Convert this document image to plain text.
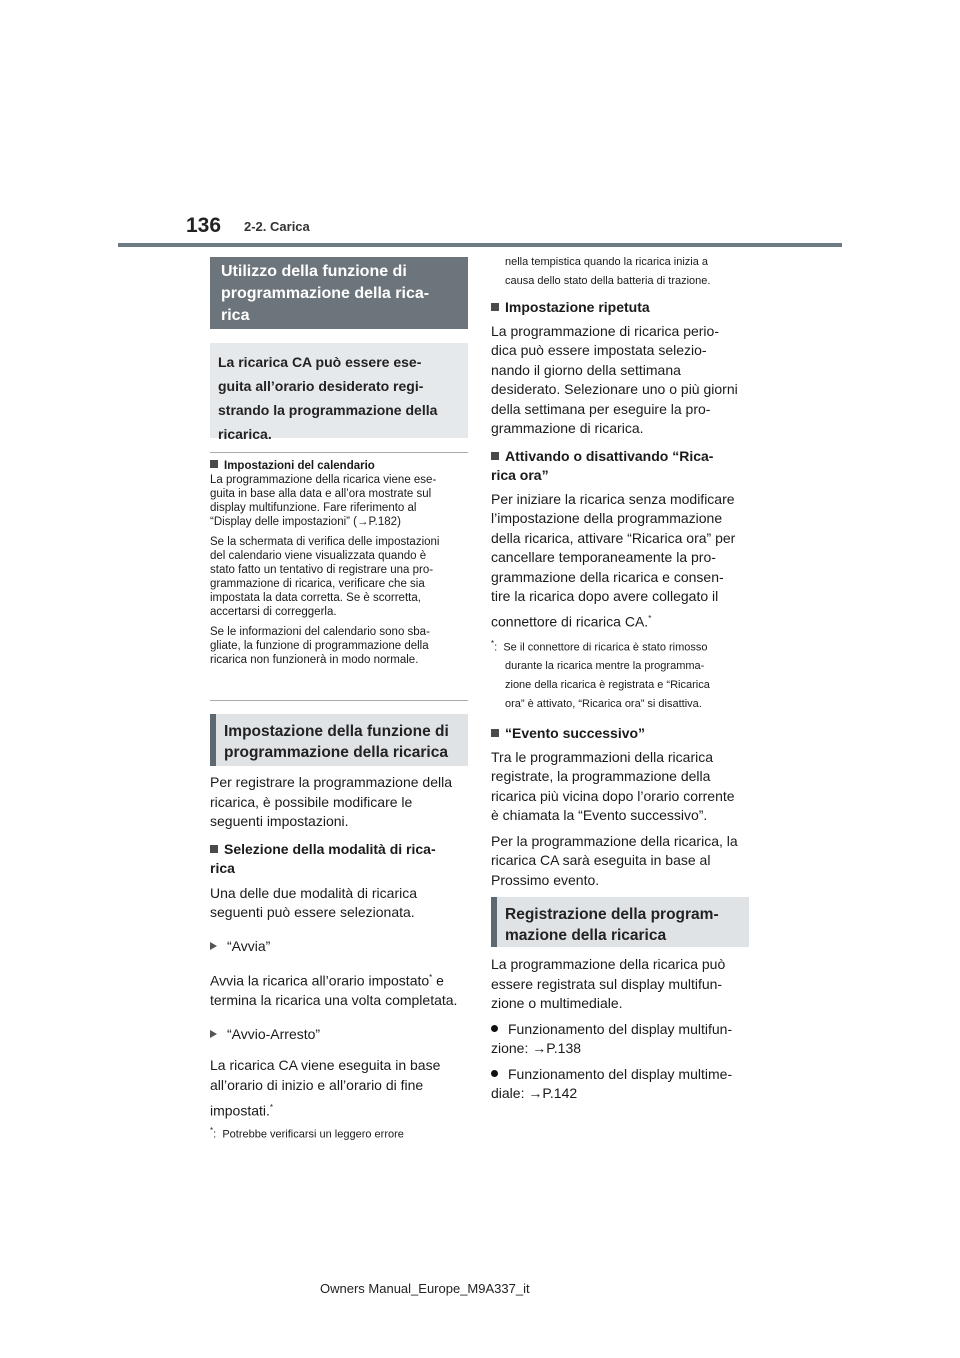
136 2-2. Carica
Utilizzo della funzione di
programmazione della rica-
rica
La ricarica CA può essere ese-
guita all’orario desiderato regi-
strando la programmazione della
ricarica.
Impostazioni del calendario
La programmazione della ricarica viene ese-
guita in base alla data e all’ora mostrate sul
display multifunzione. Fare riferimento al
“Display delle impostazioni” (→P.182)
Se la schermata di verifica delle impostazioni
del calendario viene visualizzata quando è
stato fatto un tentativo di registrare una pro-
grammazione di ricarica, verificare che sia
impostata la data corretta. Se è scorretta,
accertarsi di correggerla.
Se le informazioni del calendario sono sba-
gliate, la funzione di programmazione della
ricarica non funzionerà in modo normale.
Impostazione della funzione di
programmazione della ricarica
Per registrare la programmazione della
ricarica, è possibile modificare le
seguenti impostazioni.
Selezione della modalità di rica-
rica
Una delle due modalità di ricarica
seguenti può essere selezionata.
“Avvia”
Avvia la ricarica all’orario impostato* e
termina la ricarica una volta completata.
“Avvio-Arresto”
La ricarica CA viene eseguita in base
all’orario di inizio e all’orario di fine
impostati.*
*: Potrebbe verificarsi un leggero errore
nella tempistica quando la ricarica inizia a
causa dello stato della batteria di trazione.
Impostazione ripetuta
La programmazione di ricarica perio-
dica può essere impostata selezio-
nando il giorno della settimana
desiderato. Selezionare uno o più giorni
della settimana per eseguire la pro-
grammazione di ricarica.
Attivando o disattivando “Rica-
rica ora”
Per iniziare la ricarica senza modificare
l’impostazione della programmazione
della ricarica, attivare “Ricarica ora” per
cancellare temporaneamente la pro-
grammazione della ricarica e consen-
tire la ricarica dopo avere collegato il
connettore di ricarica CA.*
*: Se il connettore di ricarica è stato rimosso
durante la ricarica mentre la programma-
zione della ricarica è registrata e “Ricarica
ora” è attivato, “Ricarica ora” si disattiva.
“Evento successivo”
Tra le programmazioni della ricarica
registrate, la programmazione della
ricarica più vicina dopo l’orario corrente
è chiamata la “Evento successivo”.
Per la programmazione della ricarica, la
ricarica CA sarà eseguita in base al
Prossimo evento.
Registrazione della program-
mazione della ricarica
La programmazione della ricarica può
essere registrata sul display multifun-
zione o multimediale.
Funzionamento del display multifun-
zione: →P.138
Funzionamento del display multime-
diale: →P.142
Owners Manual_Europe_M9A337_it
